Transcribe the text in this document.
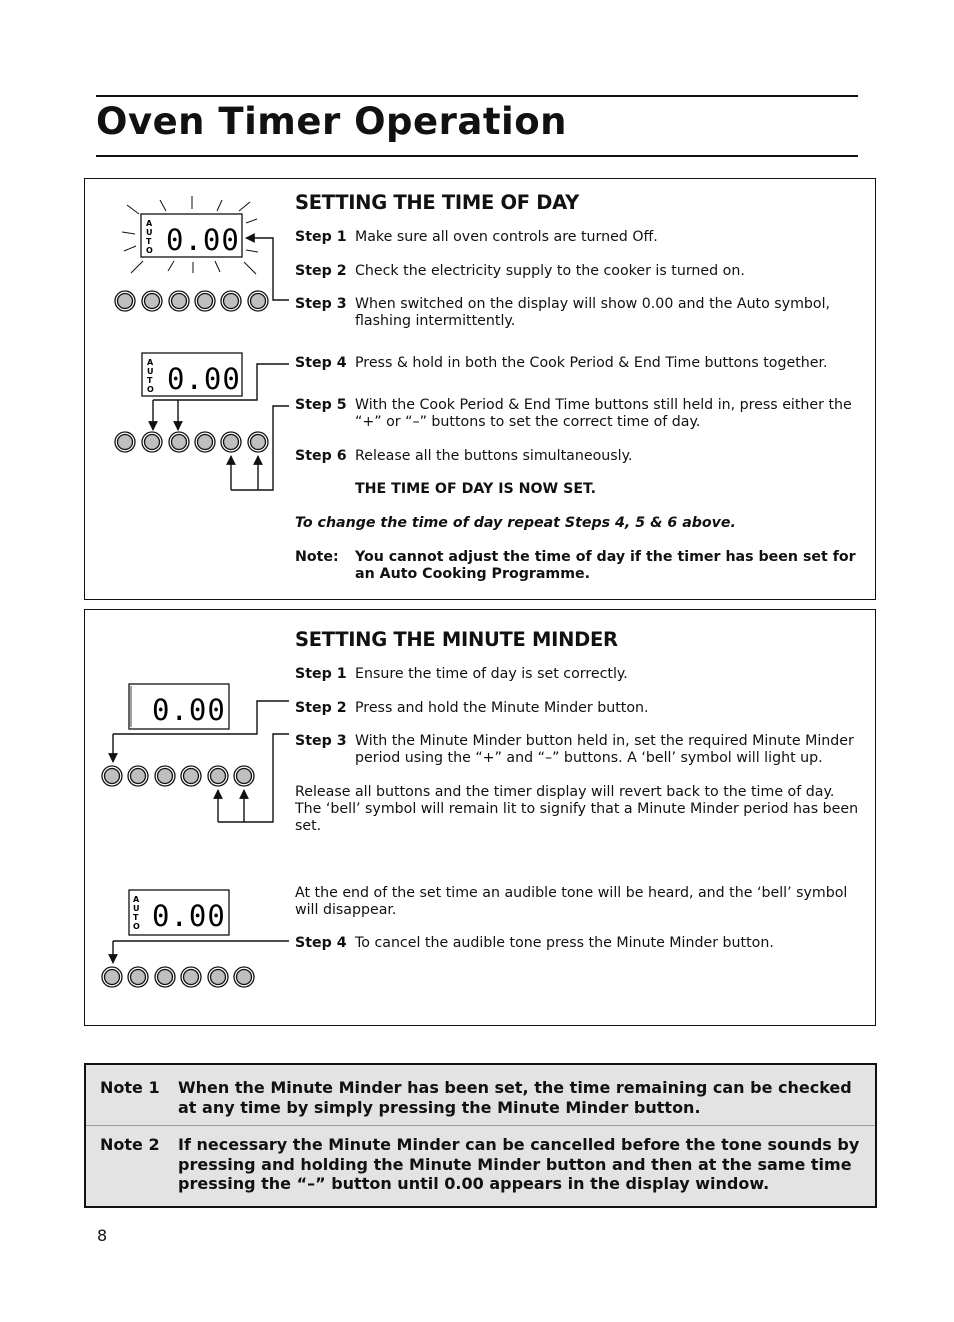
Oven Timer Operation
A
U
T
O 0.00
A
U
T
O 0.00
0.00
A
U
T
O 0.00
SETTING THE TIME OF DAY
Step 1 Make sure all oven controls are turned Off.
Step 2 Check the electricity supply to the cooker is turned on.
Step 3 When switched on the display will show 0.00 and the Auto symbol, flashing intermittently.
Step 4 Press & hold in both the Cook Period & End Time buttons together.
Step 5 With the Cook Period & End Time buttons still held in, press either the “+” or “–” buttons to set the correct time of day.
Step 6 Release all the buttons simultaneously.
THE TIME OF DAY IS NOW SET.
To change the time of day repeat Steps 4, 5 & 6 above.
Note: You cannot adjust the time of day if the timer has been set for an Auto Cooking Programme.
SETTING THE MINUTE MINDER
Step 1 Ensure the time of day is set correctly.
Step 2 Press and hold the Minute Minder button.
Step 3 With the Minute Minder button held in, set the required Minute Minder period using the “+” and “–” buttons. A ‘bell’ symbol will light up.
Release all buttons and the timer display will revert back to the time of day.
The ‘bell’ symbol will remain lit to signify that a Minute Minder period has been set.
At the end of the set time an audible tone will be heard, and the ‘bell’ symbol will disappear.
Step 4 To cancel the audible tone press the Minute Minder button.
Note 1 When the Minute Minder has been set, the time remaining can be checked at any time by simply pressing the Minute Minder button.
Note 2 If necessary the Minute Minder can be cancelled before the tone sounds by pressing and holding the Minute Minder button and then at the same time pressing the “–” button until 0.00 appears in the display window.
8
